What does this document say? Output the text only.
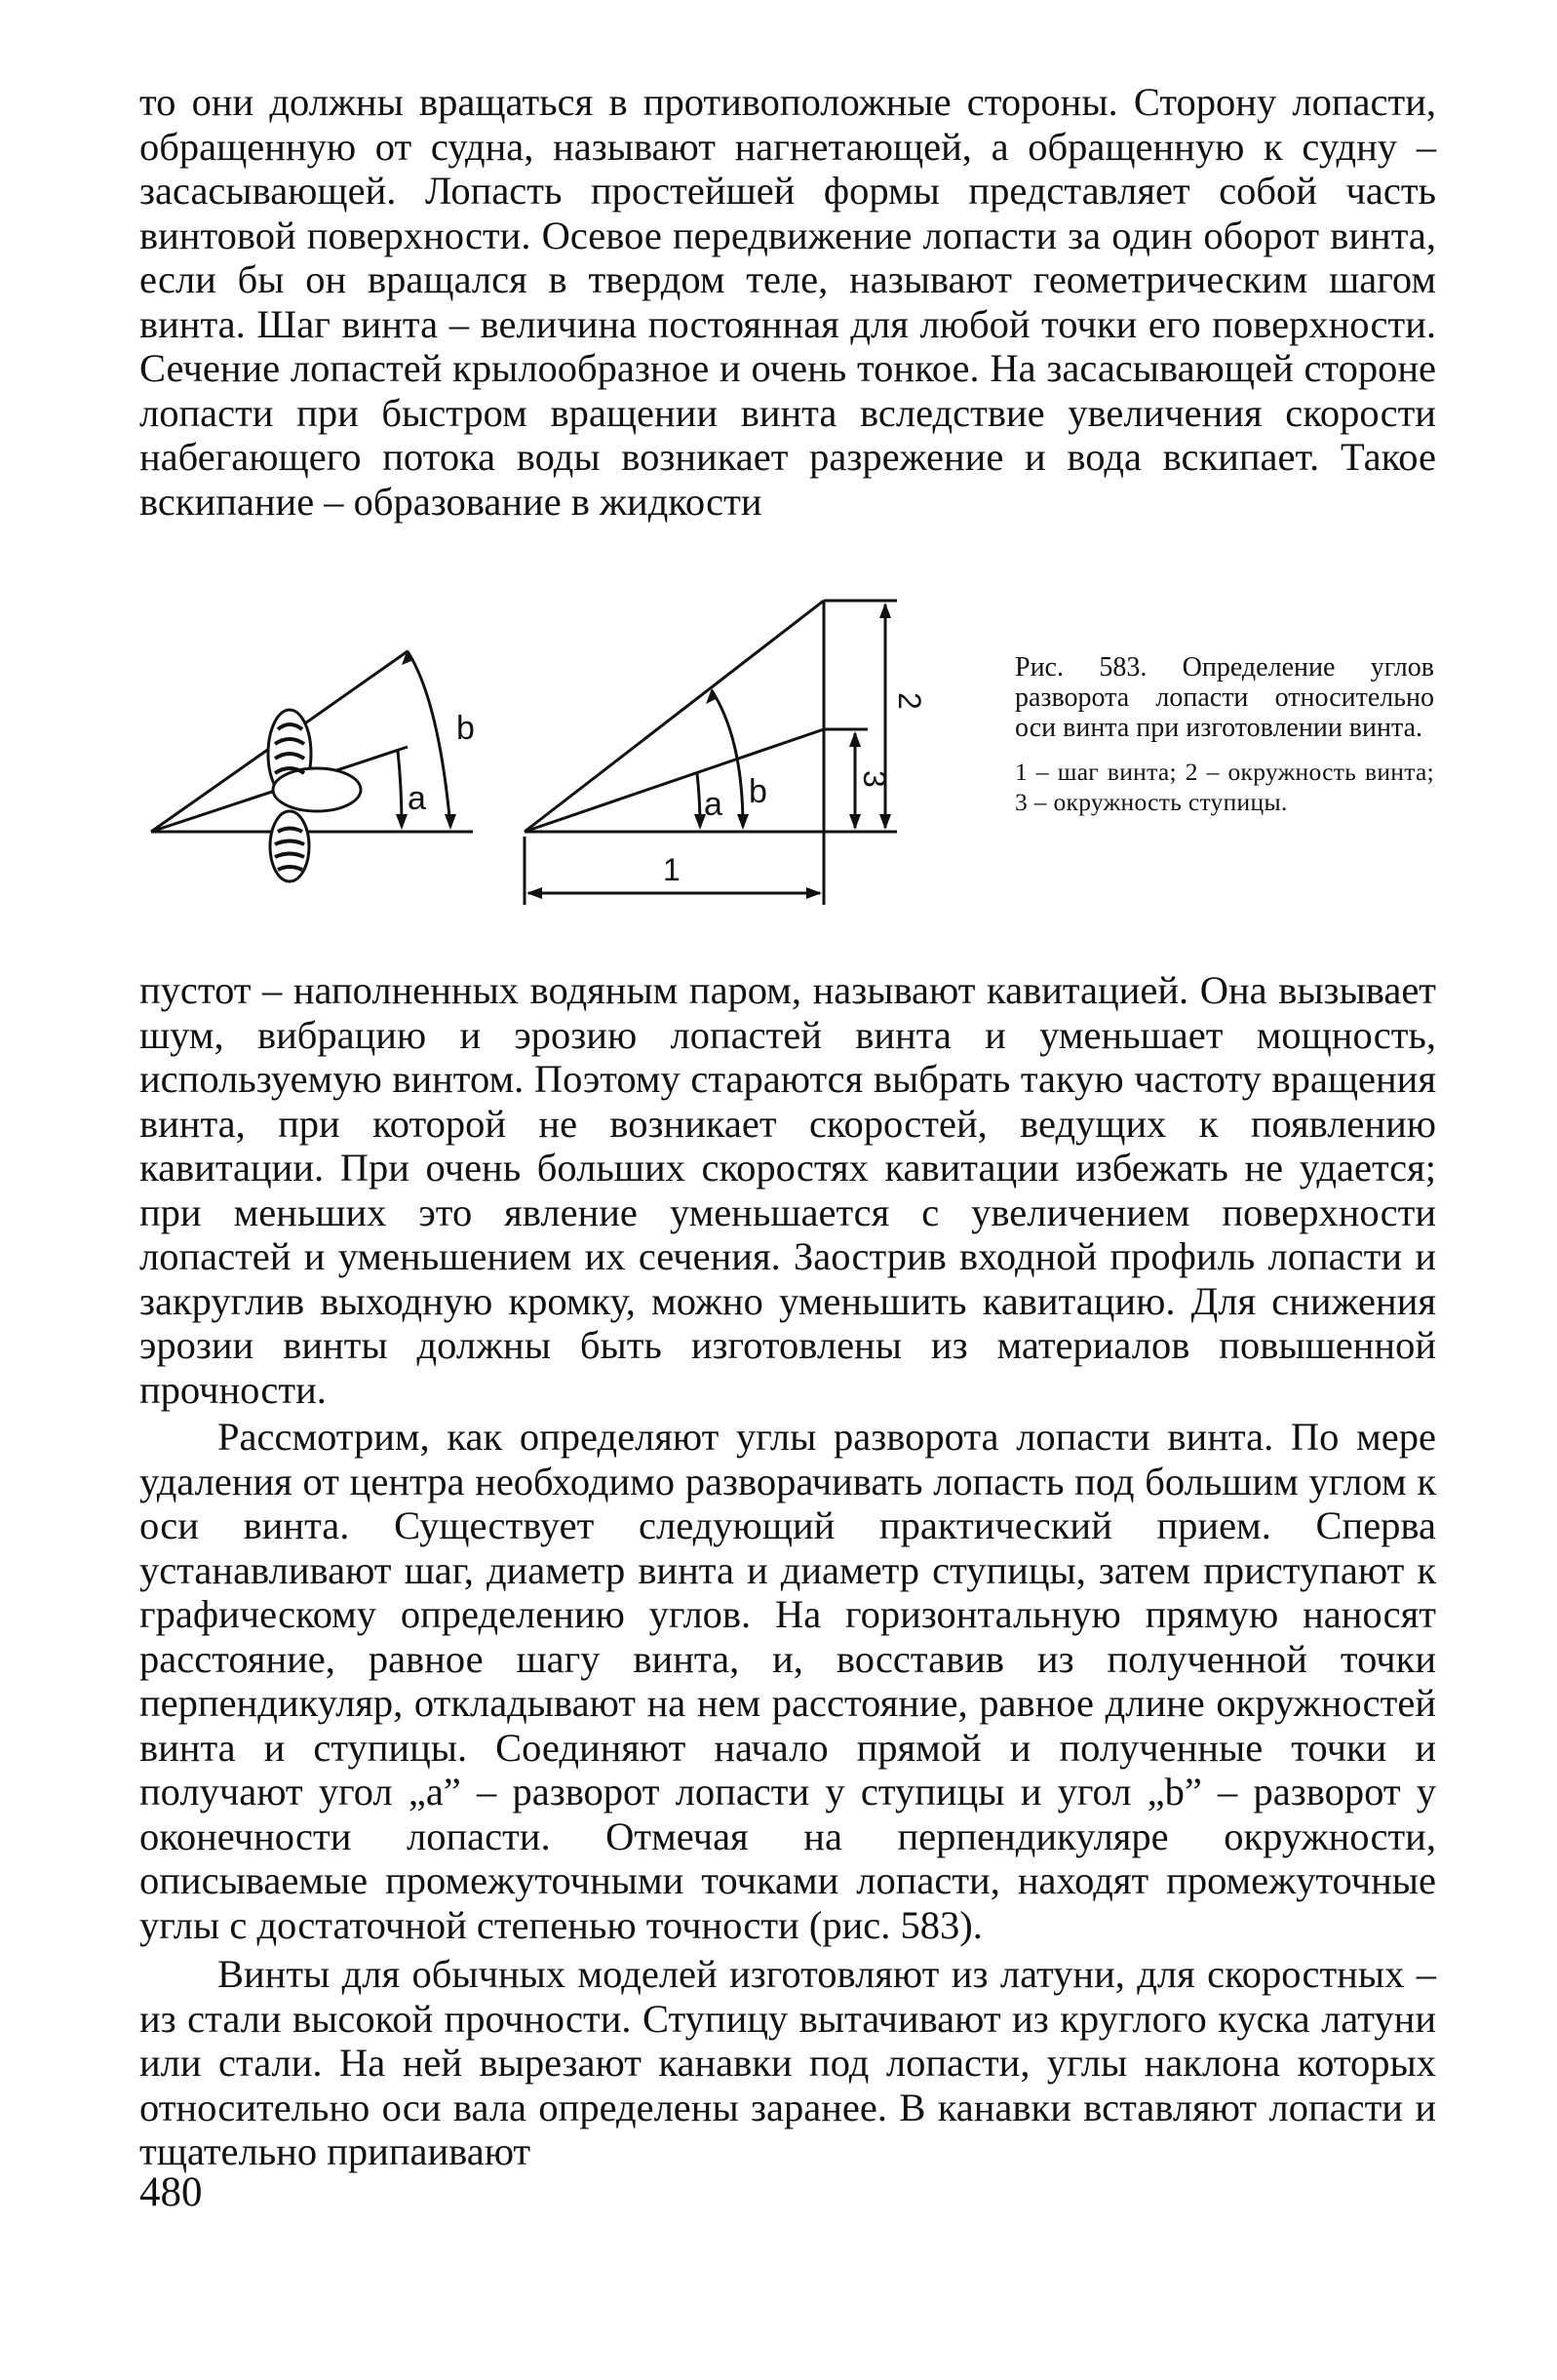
то они должны вращаться в противоположные стороны. Сторону лопасти, обращенную от судна, называют нагнетающей, а обращенную к судну – засасывающей. Лопасть простейшей формы представляет собой часть винтовой поверхности. Осевое передвижение лопасти за один оборот винта, если бы он вращался в твердом теле, называют геометрическим шагом винта. Шаг винта – величина постоянная для любой точки его поверхности. Сечение лопастей крылообразное и очень тонкое. На засасывающей стороне лопасти при быстром вращении винта вследствие увеличения скорости набегающего потока воды возникает разрежение и вода вскипает. Такое вскипание – образование в жидкости

b
a	b
a
1
2
3

Рис. 583. Определение углов разворота лопасти относительно оси винта при изготовлении винта.

1 – шаг винта; 2 – окружность винта; 3 – окружность ступицы.

пустот – наполненных водяным паром, называют кавитацией. Она вызывает шум, вибрацию и эрозию лопастей винта и уменьшает мощность, используемую винтом. Поэтому стараются выбрать такую частоту вращения винта, при которой не возникает скоростей, ведущих к появлению кавитации. При очень больших скоростях кавитации избежать не удается; при меньших это явление уменьшается с увеличением поверхности лопастей и уменьшением их сечения. Заострив входной профиль лопасти и закруглив выходную кромку, можно уменьшить кавитацию. Для снижения эрозии винты должны быть изготовлены из материалов повышенной прочности.

Рассмотрим, как определяют углы разворота лопасти винта. По мере удаления от центра необходимо разворачивать лопасть под большим углом к оси винта. Существует следующий практический прием. Сперва устанавливают шаг, диаметр винта и диаметр ступицы, затем приступают к графическому определению углов. На горизонтальную прямую наносят расстояние, равное шагу винта, и, восставив из полученной точки перпендикуляр, откладывают на нем расстояние, равное длине окружностей винта и ступицы. Соединяют начало прямой и полученные точки и получают угол „а” – разворот лопасти у ступицы и угол „b” – разворот у оконечности лопасти. Отмечая на перпендикуляре окружности, описываемые промежуточными точками лопасти, находят промежуточные углы с достаточной степенью точности (рис. 583).

Винты для обычных моделей изготовляют из латуни, для скоростных – из стали высокой прочности. Ступицу вытачивают из круглого куска латуни или стали. На ней вырезают канавки под лопасти, углы наклона которых относительно оси вала определены заранее. В канавки вставляют лопасти и тщательно припаивают

480
